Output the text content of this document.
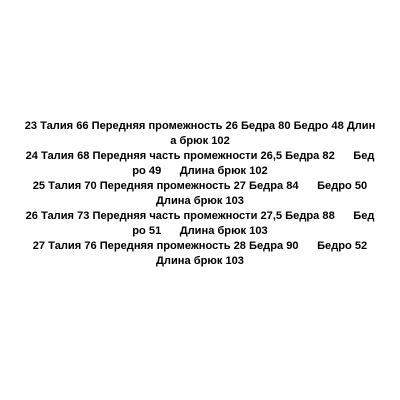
23 Талия 66 Передняя промежность 26 Бедра 80 Бедро 48 Длин
а брюк 102

24 Талия 68 Передняя часть промежности 26,5 Бедра 82      Бед
ро 49      Длина брюк 102

25 Талия 70 Передняя промежность 27 Бедра 84      Бедро 50
Длина брюк 103

26 Талия 73 Передняя часть промежности 27,5 Бедра 88      Бед
ро 51      Длина брюк 103

27 Талия 76 Передняя промежность 28 Бедра 90      Бедро 52
Длина брюк 103
